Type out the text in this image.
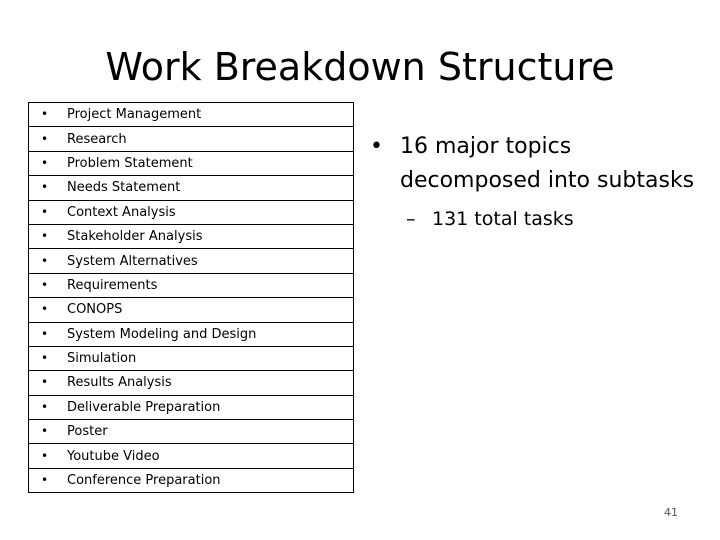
Work Breakdown Structure
• Project Management
• Research
• Problem Statement
• Needs Statement
• Context Analysis
• Stakeholder Analysis
• System Alternatives
• Requirements
• CONOPS
• System Modeling and Design
• Simulation
• Results Analysis
• Deliverable Preparation
• Poster
• Youtube Video
• Conference Preparation
• 16 major topics decomposed into subtasks
– 131 total tasks
41
